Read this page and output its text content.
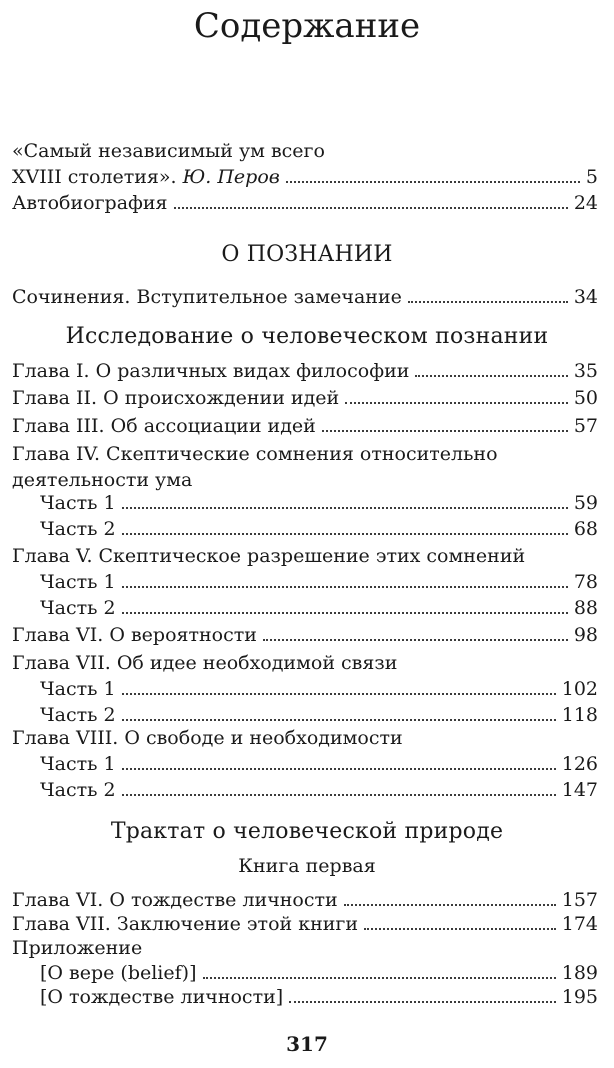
Содержание
«Самый независимый ум всего
XVIII столетия». Ю. Перов	5
Автобиография	24
О ПОЗНАНИИ
Сочинения. Вступительное замечание	34
Исследование о человеческом познании
Глава I. О различных видах философии	35
Глава II. О происхождении идей	50
Глава III. Об ассоциации идей	57
Глава IV. Скептические сомнения относительно
деятельности ума
Часть 1	59
Часть 2	68
Глава V. Скептическое разрешение этих сомнений
Часть 1	78
Часть 2	88
Глава VI. О вероятности	98
Глава VII. Об идее необходимой связи
Часть 1	102
Часть 2	118
Глава VIII. О свободе и необходимости
Часть 1	126
Часть 2	147
Трактат о человеческой природе
Книга первая
Глава VI. О тождестве личности	157
Глава VII. Заключение этой книги	174
Приложение
[О вере (belief)]	189
[О тождестве личности]	195
317
